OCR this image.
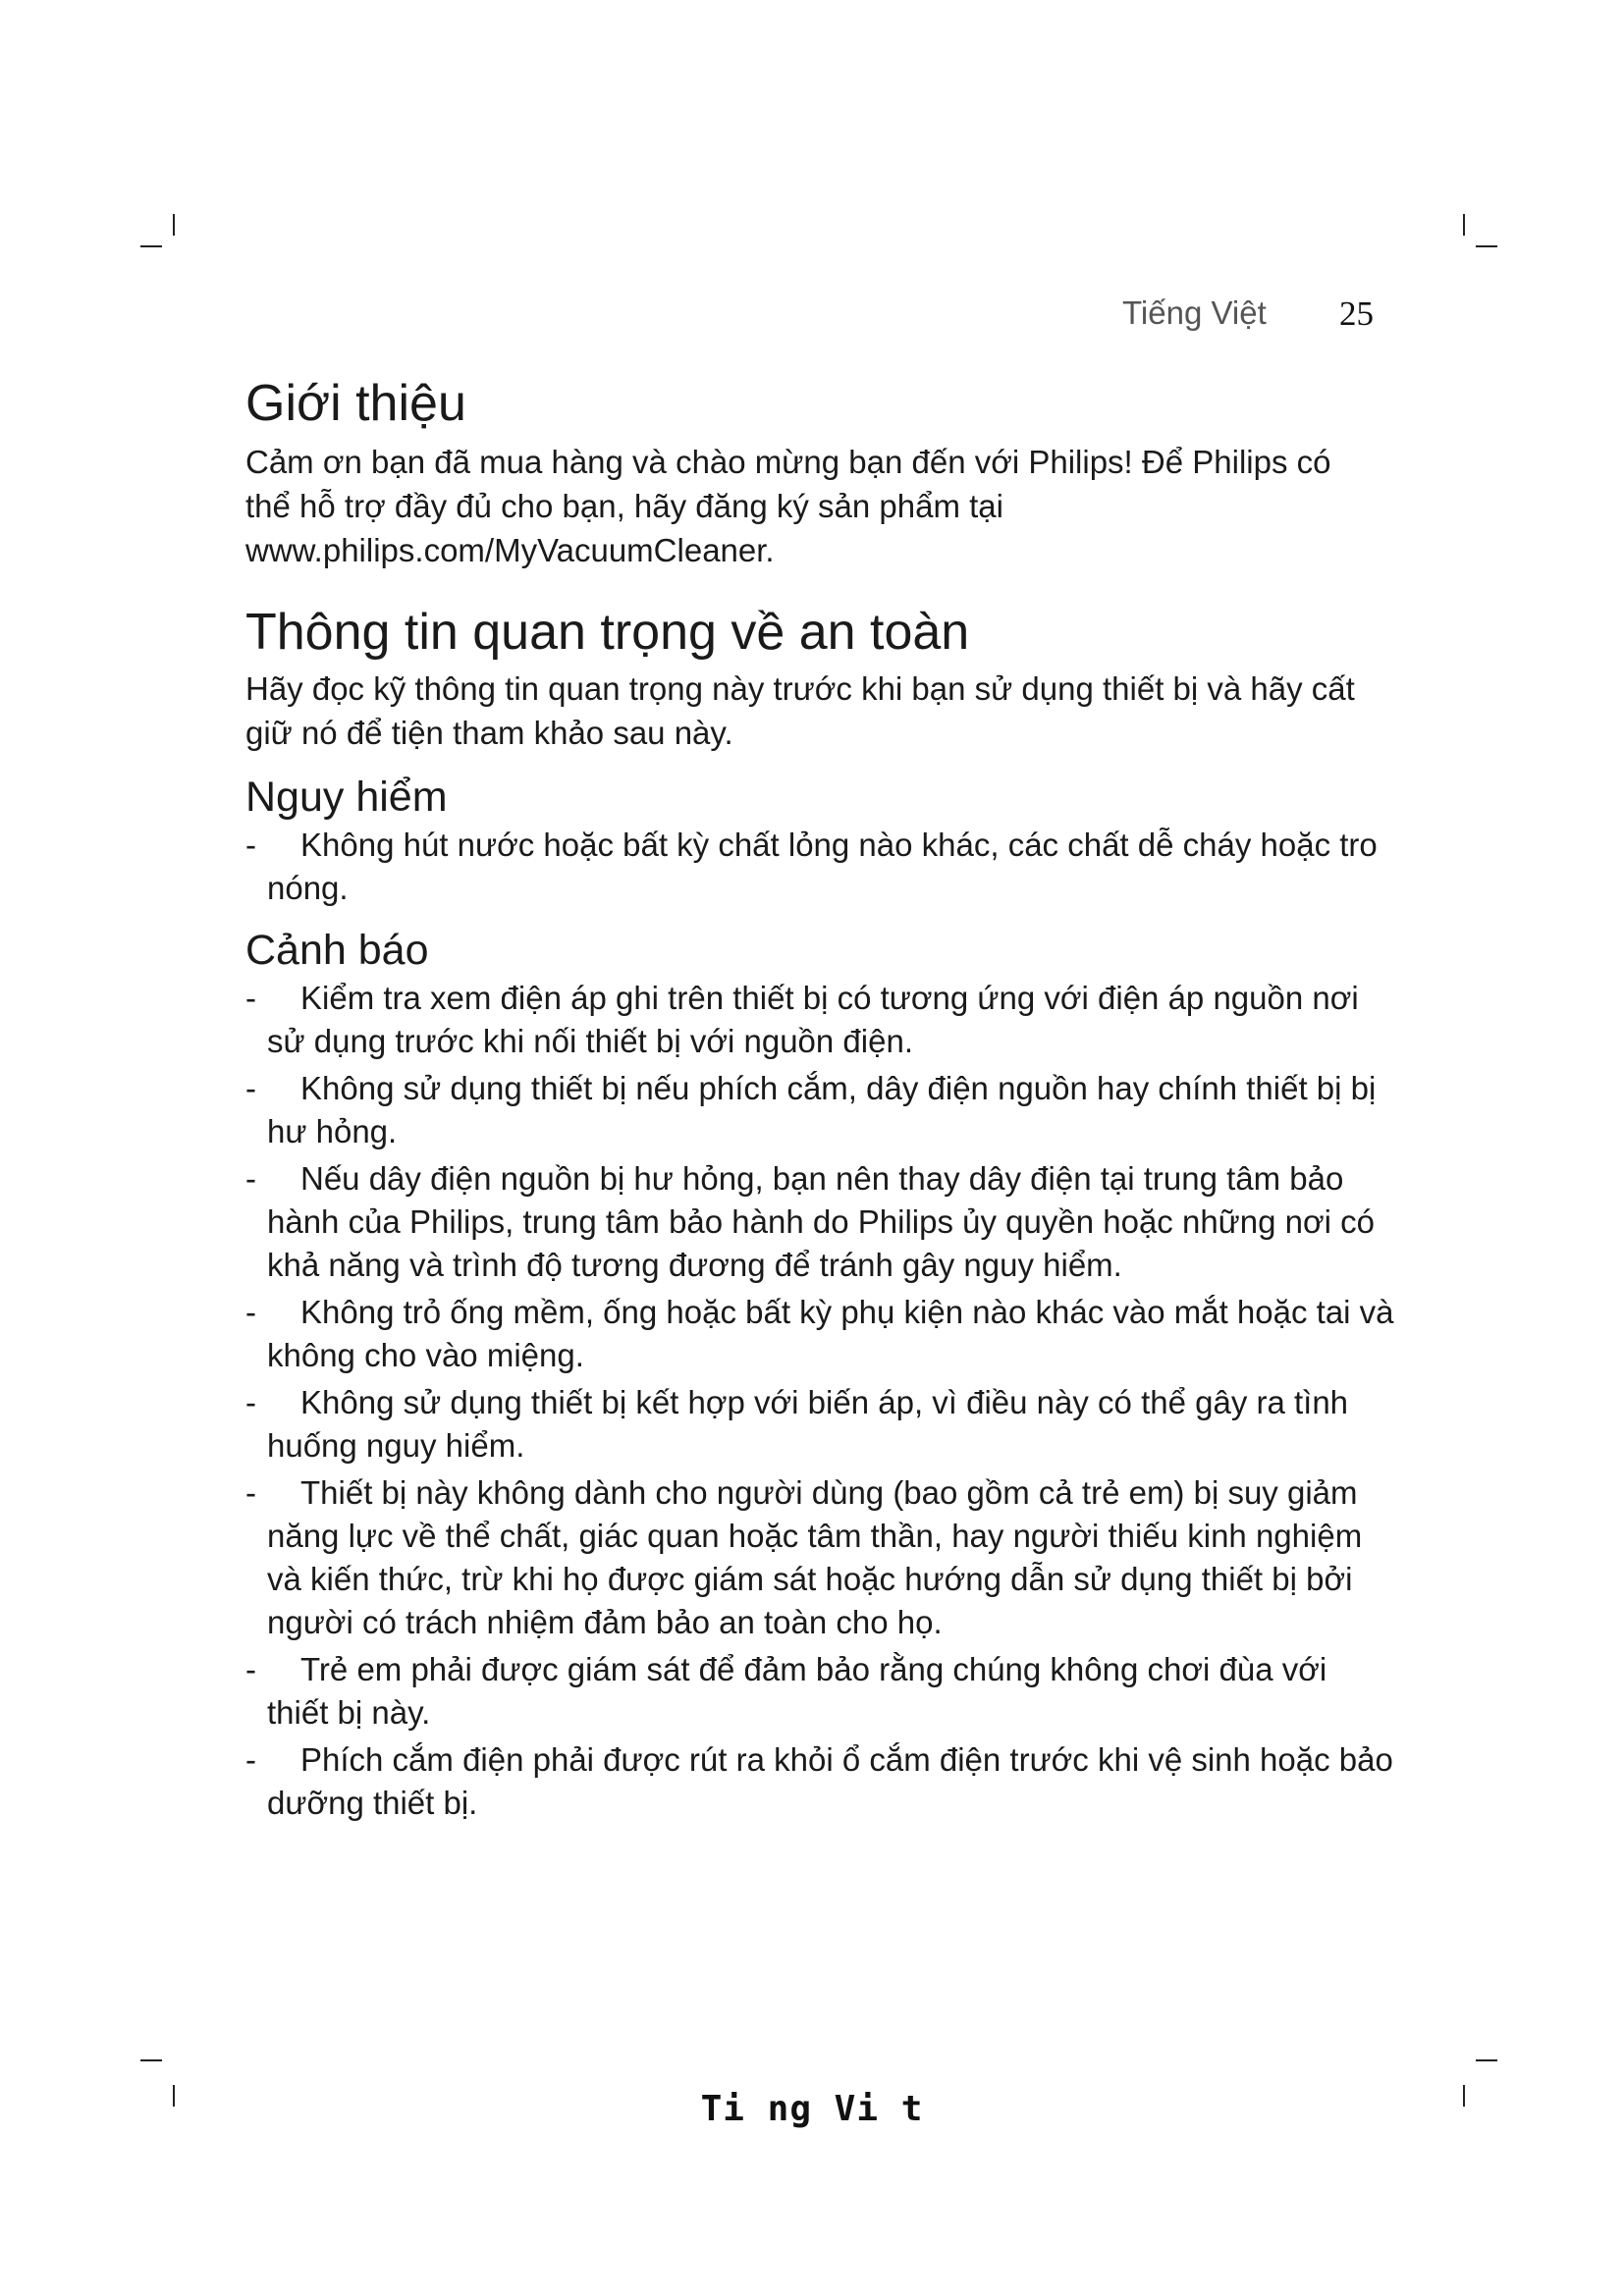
Tiếng Việt 25
Giới thiệu

Cảm ơn bạn đã mua hàng và chào mừng bạn đến với Philips! Để Philips có thể hỗ trợ đầy đủ cho bạn, hãy đăng ký sản phẩm tại www.philips.com/MyVacuumCleaner.

Thông tin quan trọng về an toàn

Hãy đọc kỹ thông tin quan trọng này trước khi bạn sử dụng thiết bị và hãy cất giữ nó để tiện tham khảo sau này.

Nguy hiểm
-	Không hút nước hoặc bất kỳ chất lỏng nào khác, các chất dễ cháy hoặc tro nóng.
Cảnh báo
-	Kiểm tra xem điện áp ghi trên thiết bị có tương ứng với điện áp nguồn nơi sử dụng trước khi nối thiết bị với nguồn điện.
-	Không sử dụng thiết bị nếu phích cắm, dây điện nguồn hay chính thiết bị bị hư hỏng.
-	Nếu dây điện nguồn bị hư hỏng, bạn nên thay dây điện tại trung tâm bảo hành của Philips, trung tâm bảo hành do Philips ủy quyền hoặc những nơi có khả năng và trình độ tương đương để tránh gây nguy hiểm.
-	Không trỏ ống mềm, ống hoặc bất kỳ phụ kiện nào khác vào mắt hoặc tai và không cho vào miệng.
-	Không sử dụng thiết bị kết hợp với biến áp, vì điều này có thể gây ra tình huống nguy hiểm.
-	Thiết bị này không dành cho người dùng (bao gồm cả trẻ em) bị suy giảm năng lực về thể chất, giác quan hoặc tâm thần, hay người thiếu kinh nghiệm và kiến thức, trừ khi họ được giám sát hoặc hướng dẫn sử dụng thiết bị bởi người có trách nhiệm đảm bảo an toàn cho họ.
-	Trẻ em phải được giám sát để đảm bảo rằng chúng không chơi đùa với thiết bị này.
-	Phích cắm điện phải được rút ra khỏi ổ cắm điện trước khi vệ sinh hoặc bảo dưỡng thiết bị.
Ti ng Vi t
